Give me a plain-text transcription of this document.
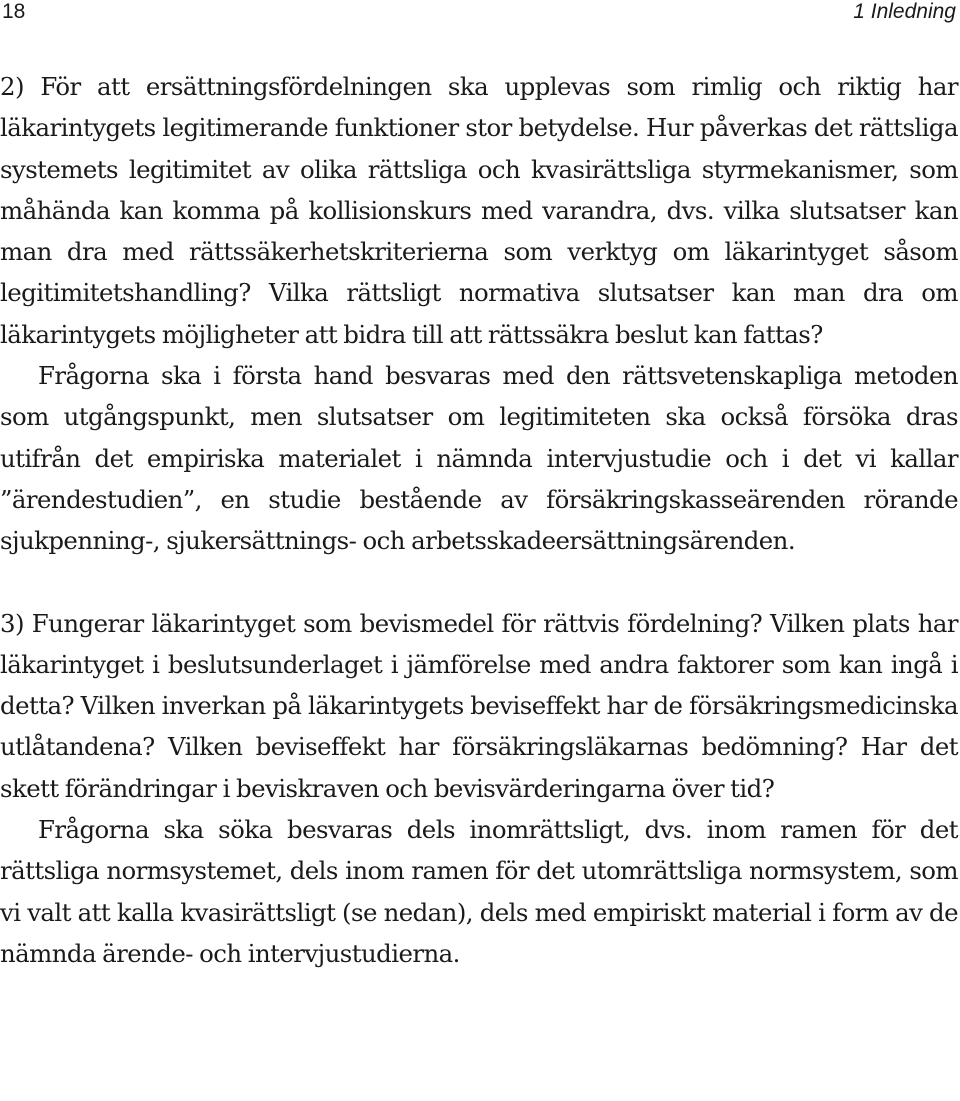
18	1 Inledning

2) För att ersättningsfördelningen ska upplevas som rimlig och riktig har läkarintygets legitimerande funktioner stor betydelse. Hur påverkas det rättsliga systemets legitimitet av olika rättsliga och kvasirättsliga styrmekanismer, som måhända kan komma på kollisionskurs med varandra, dvs. vilka slutsatser kan man dra med rättssäkerhetskriterierna som verktyg om läkarintyget såsom legitimitetshandling? Vilka rättsligt normativa slutsatser kan man dra om läkarintygets möjligheter att bidra till att rättssäkra beslut kan fattas?

Frågorna ska i första hand besvaras med den rättsvetenskapliga metoden som utgångspunkt, men slutsatser om legitimiteten ska också försöka dras utifrån det empiriska materialet i nämnda intervjustudie och i det vi kallar ”ärendestudien”, en studie bestående av försäkringskasseärenden rörande sjukpenning-, sjukersättnings- och arbetsskadeersättningsärenden.

3) Fungerar läkarintyget som bevismedel för rättvis fördelning? Vilken plats har läkarintyget i beslutsunderlaget i jämförelse med andra faktorer som kan ingå i detta? Vilken inverkan på läkarintygets beviseffekt har de försäkringsmedicinska utlåtandena? Vilken beviseffekt har försäkringsläkarnas bedömning? Har det skett förändringar i beviskraven och bevisvärderingarna över tid?

Frågorna ska söka besvaras dels inomrättsligt, dvs. inom ramen för det rättsliga normsystemet, dels inom ramen för det utomrättsliga normsystem, som vi valt att kalla kvasirättsligt (se nedan), dels med empiriskt material i form av de nämnda ärende- och intervjustudierna.
